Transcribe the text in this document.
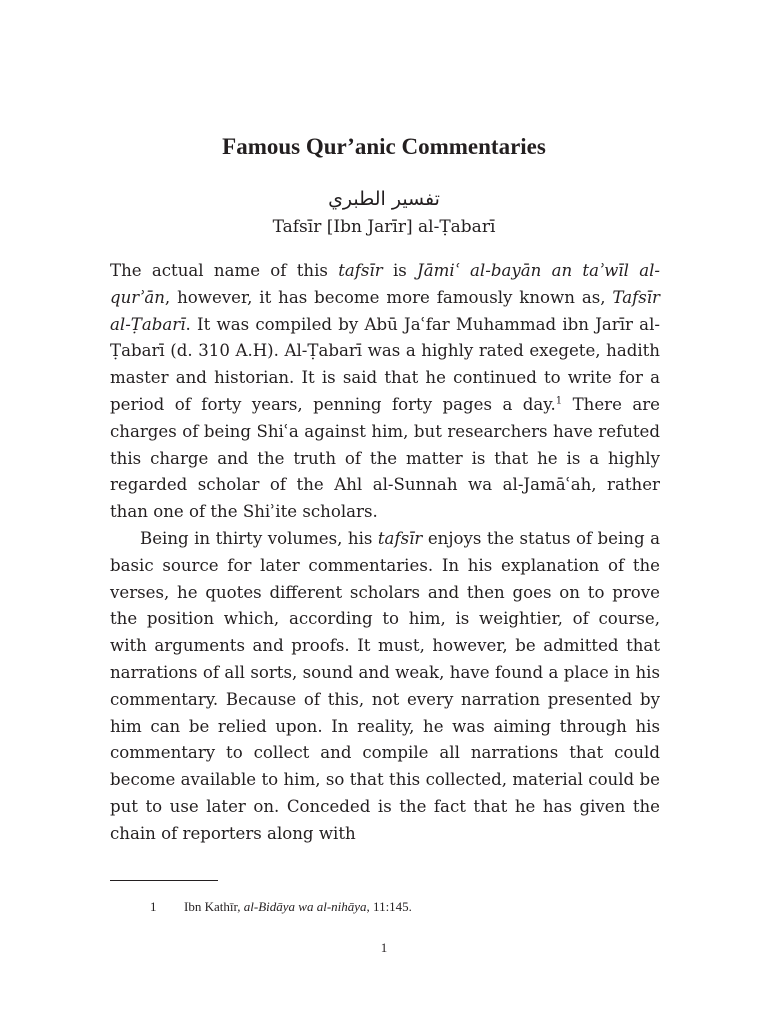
Famous Qur’anic Commentaries
تفسير الطبري
Tafsīr [Ibn Jarīr] al-Ṭabarī

The actual name of this tafsīr is Jāmiʿ al-bayān an taʾwīl al-qurʾān, however, it has become more famously known as, Tafsīr al-Ṭabarī. It was compiled by Abū Jaʿfar Muhammad ibn Jarīr al-Ṭabarī (d. 310 A.H). Al-Ṭabarī was a highly rated exegete, hadith master and historian. It is said that he continued to write for a period of forty years, penning forty pages a day.$^1$ There are charges of being Shiʿa against him, but researchers have refuted this charge and the truth of the matter is that he is a highly regarded scholar of the Ahl al-Sunnah wa al-Jamāʿah, rather than one of the Shiʾite scholars.

Being in thirty volumes, his tafsīr enjoys the status of being a basic source for later commentaries. In his explanation of the verses, he quotes different scholars and then goes on to prove the position which, according to him, is weightier, of course, with arguments and proofs. It must, however, be admitted that narrations of all sorts, sound and weak, have found a place in his commentary. Because of this, not every narration presented by him can be relied upon. In reality, he was aiming through his commentary to collect and compile all narrations that could become available to him, so that this collected, material could be put to use later on. Conceded is the fact that he has given the chain of reporters along with

1 Ibn Kathīr, al-Bidāya wa al-nihāya, 11:145.
1
